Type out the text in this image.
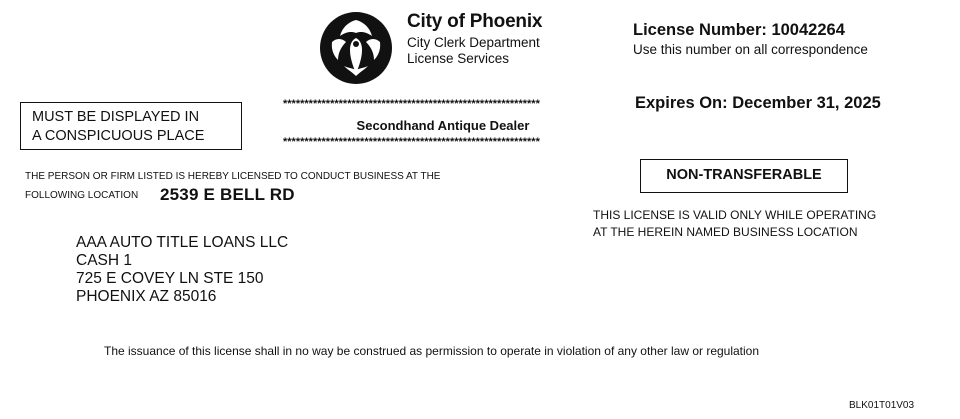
City of Phoenix
City Clerk Department
License Services
License Number: 10042264
Use this number on all correspondence
Expires On: December 31, 2025
MUST BE DISPLAYED IN
A CONSPICUOUS PLACE
************************************************************
Secondhand Antique Dealer
************************************************************
NON-TRANSFERABLE
THE PERSON OR FIRM LISTED IS HEREBY LICENSED TO CONDUCT BUSINESS AT THE
FOLLOWING LOCATION 2539 E BELL RD
THIS LICENSE IS VALID ONLY WHILE OPERATING
AT THE HEREIN NAMED BUSINESS LOCATION
AAA AUTO TITLE LOANS LLC
CASH 1
725 E COVEY LN STE 150
PHOENIX AZ 85016
The issuance of this license shall in no way be construed as permission to operate in violation of any other law or regulation
BLK01T01V03
